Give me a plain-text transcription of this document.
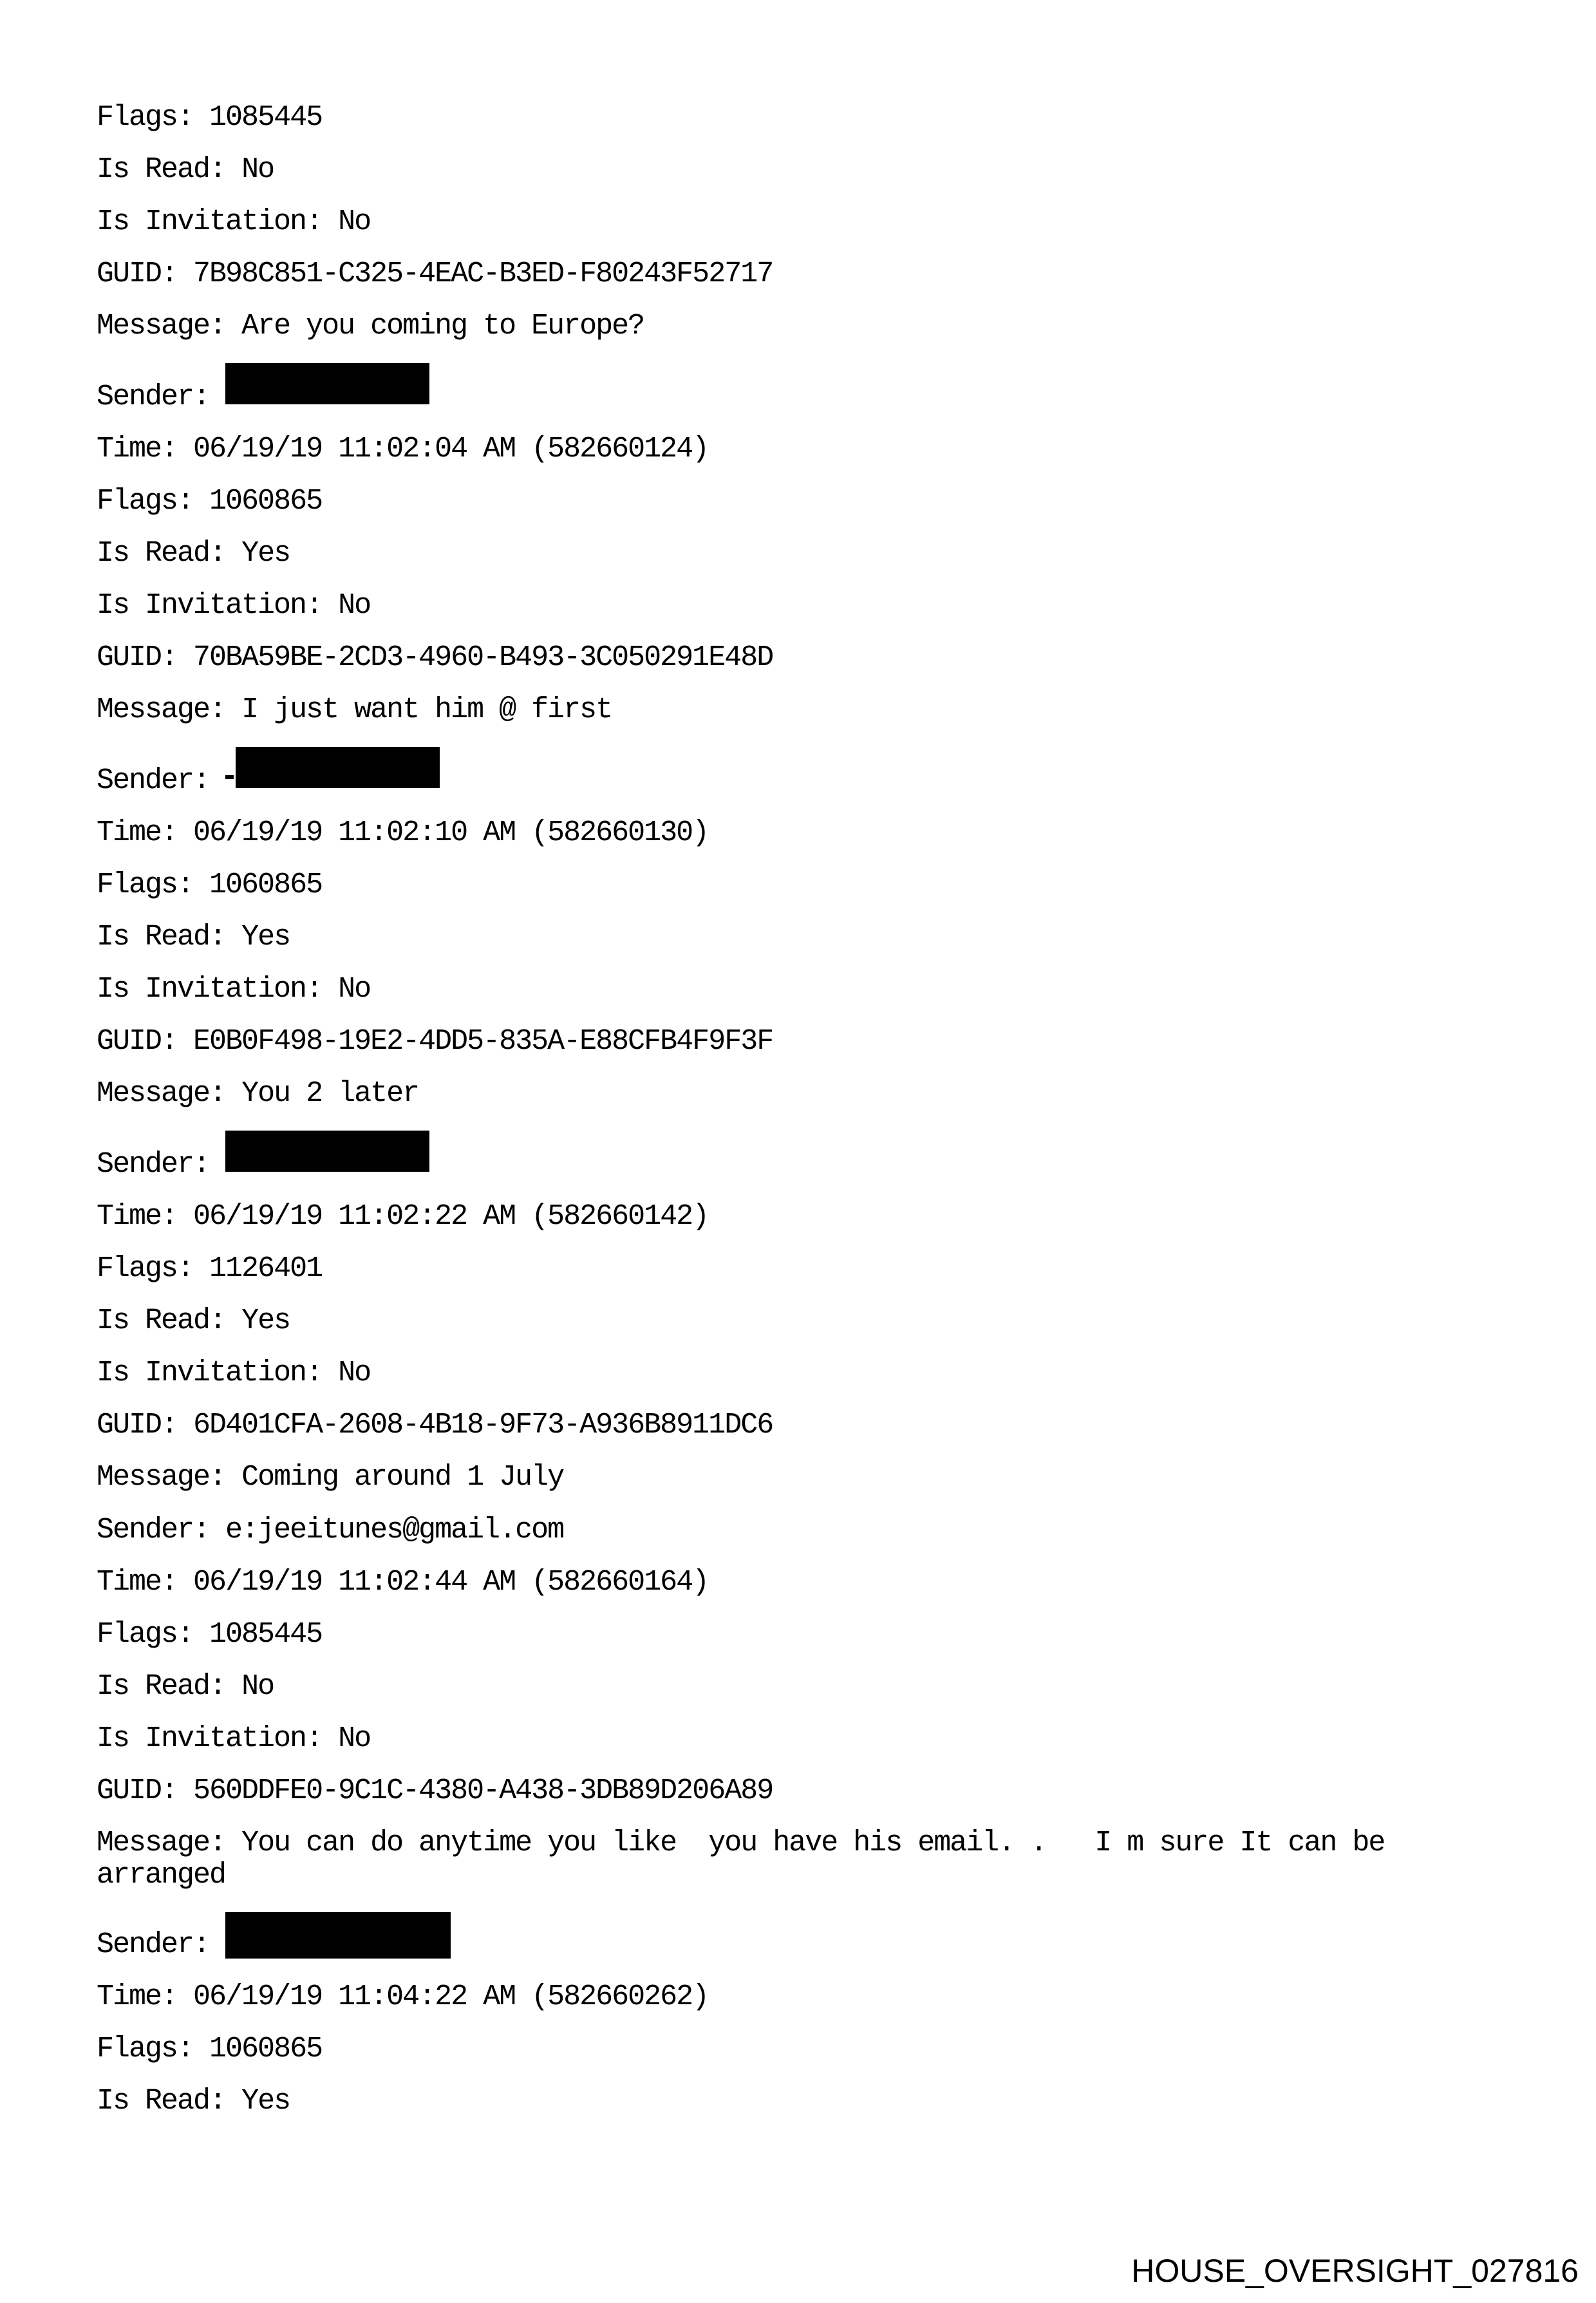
Flags: 1085445
Is Read: No
Is Invitation: No
GUID: 7B98C851-C325-4EAC-B3ED-F80243F52717
Message: Are you coming to Europe?
Sender:
Time: 06/19/19 11:02:04 AM (582660124)
Flags: 1060865
Is Read: Yes
Is Invitation: No
GUID: 70BA59BE-2CD3-4960-B493-3C050291E48D
Message: I just want him @ first
Sender:
Time: 06/19/19 11:02:10 AM (582660130)
Flags: 1060865
Is Read: Yes
Is Invitation: No
GUID: E0B0F498-19E2-4DD5-835A-E88CFB4F9F3F
Message: You 2 later
Sender:
Time: 06/19/19 11:02:22 AM (582660142)
Flags: 1126401
Is Read: Yes
Is Invitation: No
GUID: 6D401CFA-2608-4B18-9F73-A936B8911DC6
Message: Coming around 1 July
Sender: e:jeeitunes@gmail.com
Time: 06/19/19 11:02:44 AM (582660164)
Flags: 1085445
Is Read: No
Is Invitation: No
GUID: 560DDFE0-9C1C-4380-A438-3DB89D206A89
Message: You can do anytime you like  you have his email. .   I m sure It can be arranged
Sender:
Time: 06/19/19 11:04:22 AM (582660262)
Flags: 1060865
Is Read: Yes
HOUSE_OVERSIGHT_027816
